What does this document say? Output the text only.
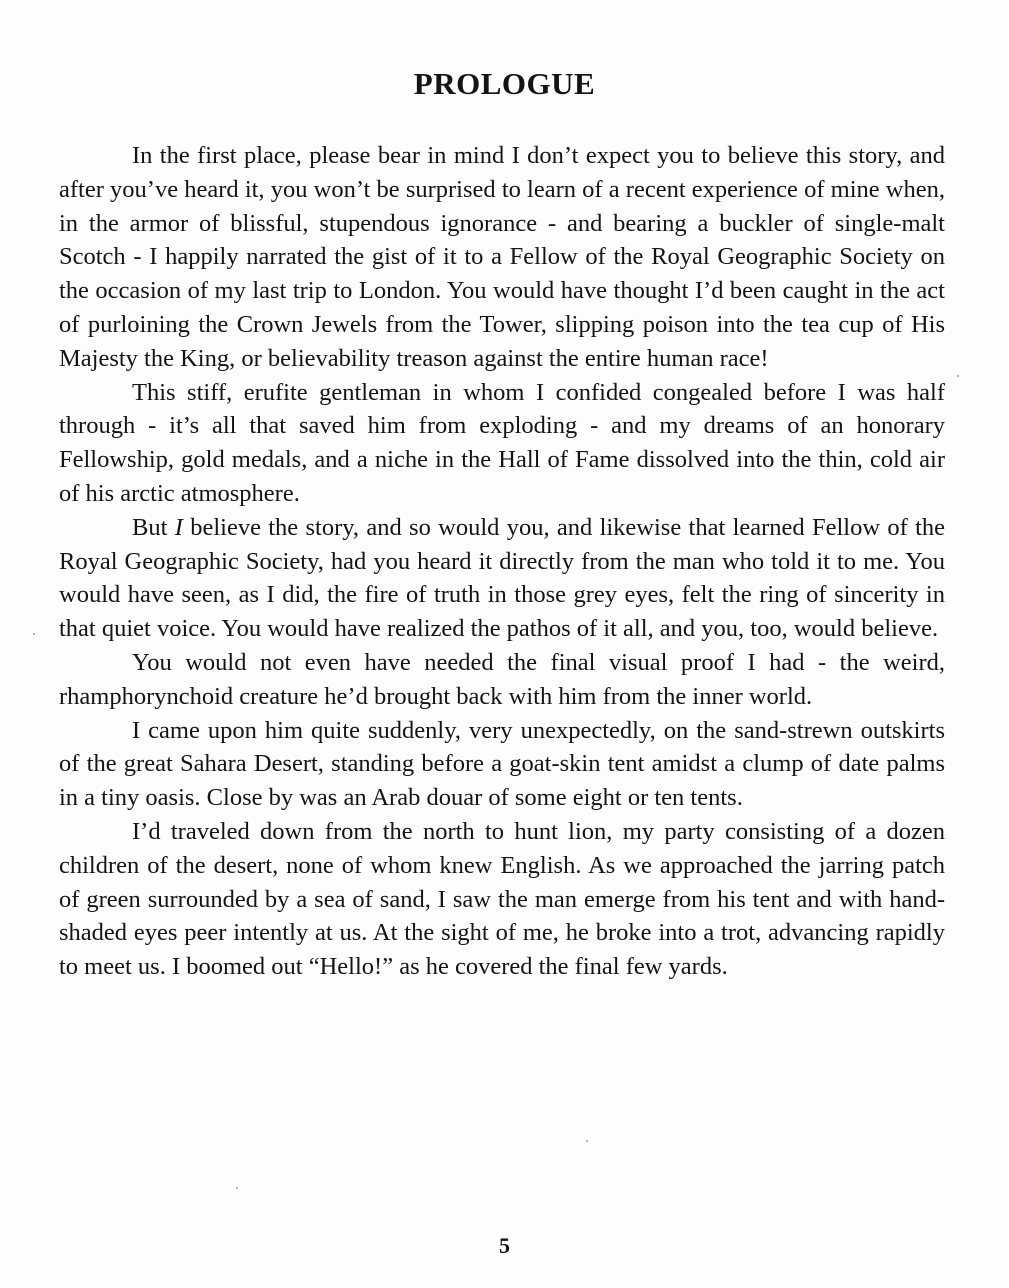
PROLOGUE

In the first place, please bear in mind I don’t expect you to believe this story, and after you’ve heard it, you won’t be surprised to learn of a recent experience of mine when, in the armor of blissful, stupendous ignorance - and bearing a buckler of single-malt Scotch - I happily narrated the gist of it to a Fellow of the Royal Geographic Society on the occasion of my last trip to London. You would have thought I’d been caught in the act of purloining the Crown Jewels from the Tower, slipping poison into the tea cup of His Majesty the King, or believability treason against the entire human race!

This stiff, erufite gentleman in whom I confided congealed before I was half through - it’s all that saved him from exploding - and my dreams of an honorary Fellowship, gold medals, and a niche in the Hall of Fame dissolved into the thin, cold air of his arctic atmosphere.

But I believe the story, and so would you, and likewise that learned Fellow of the Royal Geographic Society, had you heard it directly from the man who told it to me. You would have seen, as I did, the fire of truth in those grey eyes, felt the ring of sincerity in that quiet voice. You would have realized the pathos of it all, and you, too, would believe.

You would not even have needed the final visual proof I had - the weird, rhamphorynchoid creature he’d brought back with him from the inner world.

I came upon him quite suddenly, very unexpectedly, on the sand-strewn outskirts of the great Sahara Desert, standing before a goat-skin tent amidst a clump of date palms in a tiny oasis. Close by was an Arab douar of some eight or ten tents.

I’d traveled down from the north to hunt lion, my party consisting of a dozen children of the desert, none of whom knew English. As we approached the jarring patch of green surrounded by a sea of sand, I saw the man emerge from his tent and with hand-shaded eyes peer intently at us. At the sight of me, he broke into a trot, advancing rapidly to meet us. I boomed out “Hello!” as he covered the final few yards.

5
